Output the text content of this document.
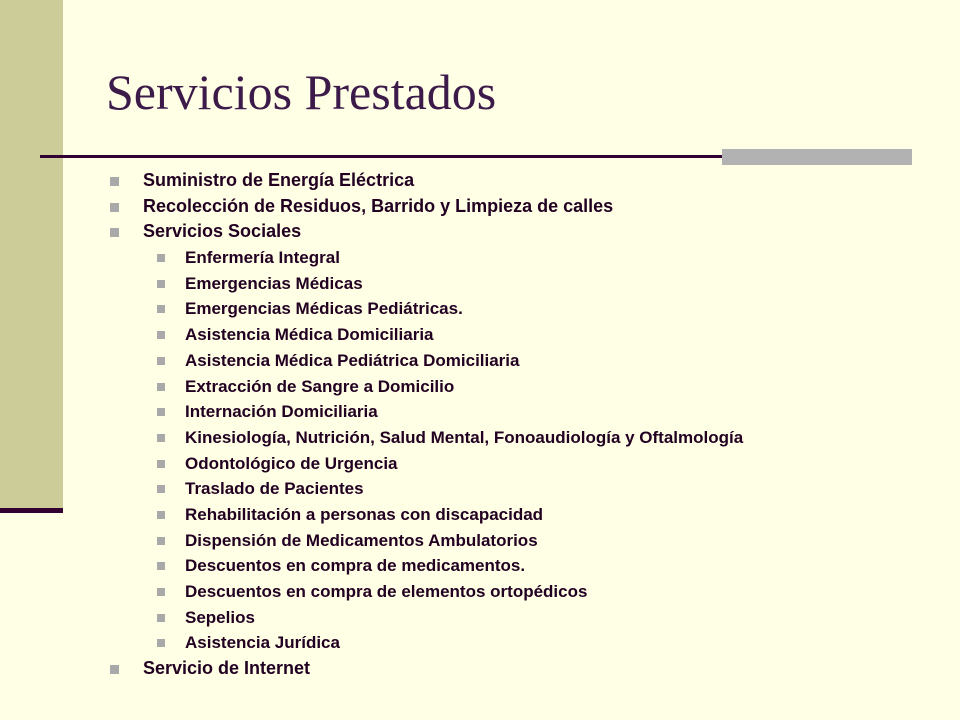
Servicios Prestados
Suministro de Energía Eléctrica
Recolección de Residuos, Barrido y Limpieza de calles
Servicios Sociales
Enfermería Integral
Emergencias Médicas
Emergencias Médicas Pediátricas.
Asistencia Médica Domiciliaria
Asistencia Médica Pediátrica Domiciliaria
Extracción de Sangre a Domicilio
Internación Domiciliaria
Kinesiología, Nutrición, Salud Mental, Fonoaudiología y Oftalmología
Odontológico de Urgencia
Traslado de Pacientes
Rehabilitación a personas con discapacidad
Dispensión de Medicamentos Ambulatorios
Descuentos en compra de medicamentos.
Descuentos en compra de elementos ortopédicos
Sepelios
Asistencia Jurídica
Servicio de Internet
